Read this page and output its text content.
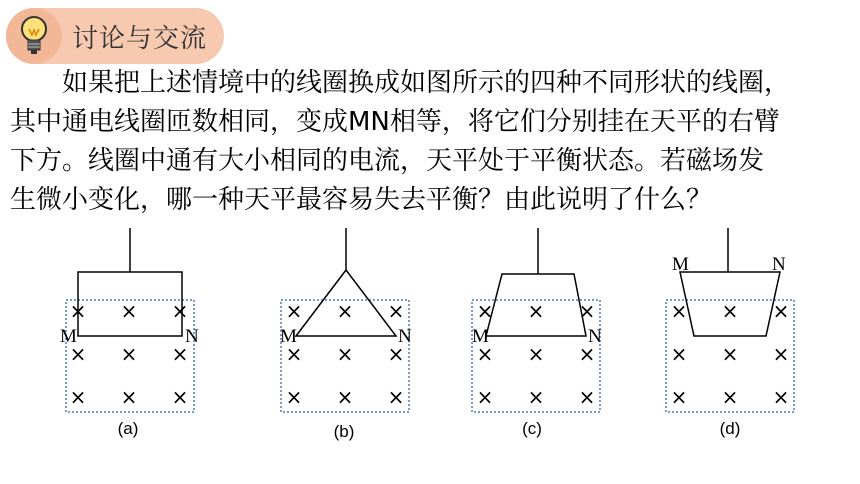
讨论与交流
　　如果把上述情境中的线圈换成如图所示的四种不同形状的线圈，
其中通电线圈匝数相同，变成MN相等，将它们分别挂在天平的右臂
下方。线圈中通有大小相同的电流，天平处于平衡状态。若磁场发
生微小变化，哪一种天平最容易失去平衡？由此说明了什么？
× × ×
× × ×
× × ×
M	N
(a)
× × ×
× × ×
× × ×
M	N
(b)
× × ×
× × ×
× × ×
M	N
(c)
× × ×
× × ×
× × ×
M	N
(d)
